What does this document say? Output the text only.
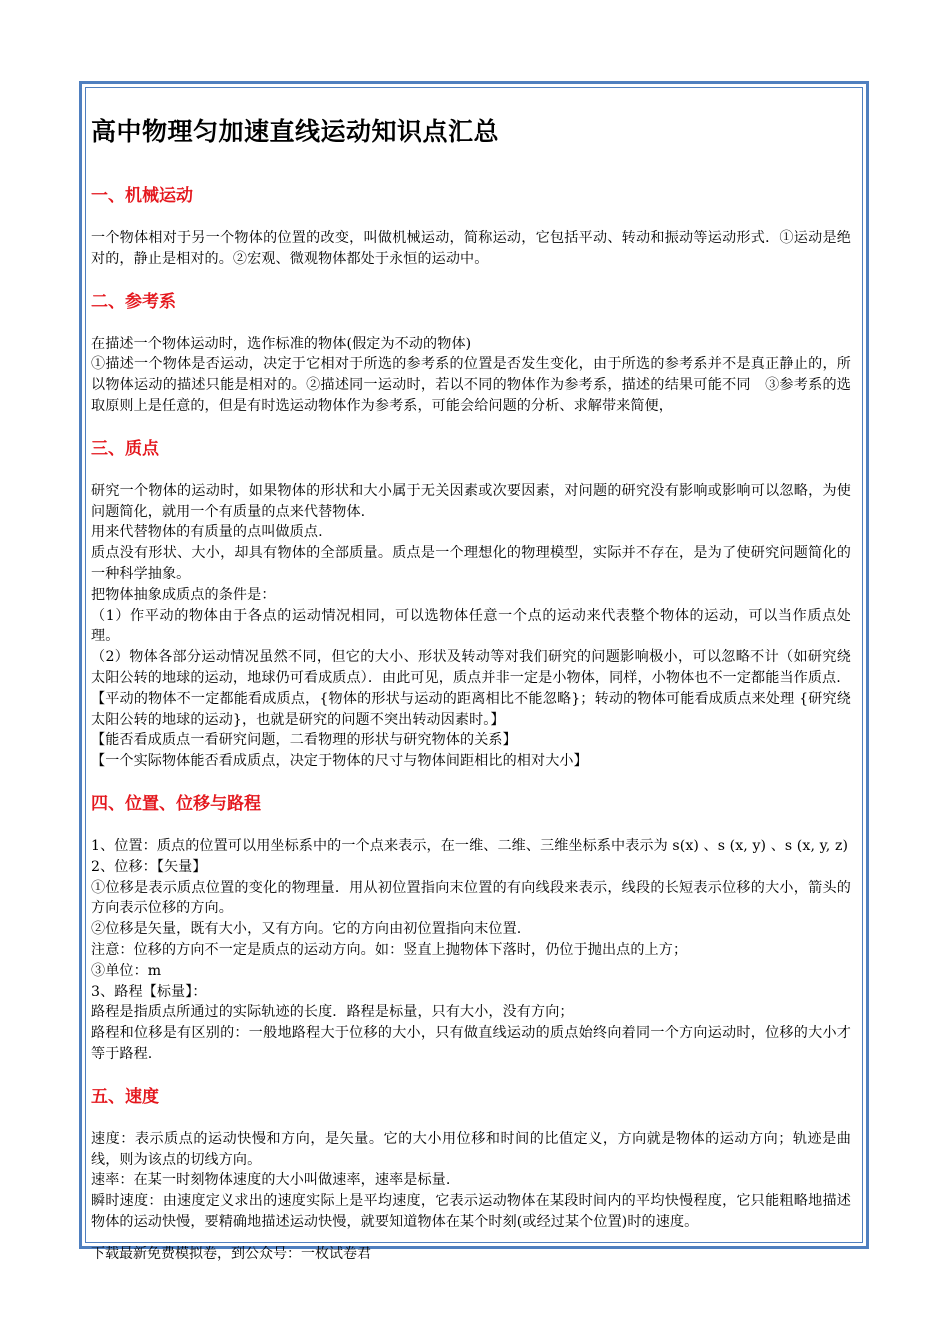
高中物理匀加速直线运动知识点汇总
一、机械运动

一个物体相对于另一个物体的位置的改变，叫做机械运动，简称运动，它包括平动、转动和振动等运动形式．①运动是绝对的，静止是相对的。②宏观、微观物体都处于永恒的运动中。

二、参考系

在描述一个物体运动时，选作标准的物体(假定为不动的物体)

①描述一个物体是否运动，决定于它相对于所选的参考系的位置是否发生变化，由于所选的参考系并不是真正静止的，所以物体运动的描述只能是相对的。②描述同一运动时，若以不同的物体作为参考系，描述的结果可能不同　③参考系的选取原则上是任意的，但是有时选运动物体作为参考系，可能会给问题的分析、求解带来简便，

三、质点

研究一个物体的运动时，如果物体的形状和大小属于无关因素或次要因素，对问题的研究没有影响或影响可以忽略，为使问题简化，就用一个有质量的点来代替物体.

用来代替物体的有质量的点叫做质点.

质点没有形状、大小，却具有物体的全部质量。质点是一个理想化的物理模型，实际并不存在，是为了使研究问题简化的一种科学抽象。

把物体抽象成质点的条件是：

（1）作平动的物体由于各点的运动情况相同，可以选物体任意一个点的运动来代表整个物体的运动，可以当作质点处理。

（2）物体各部分运动情况虽然不同，但它的大小、形状及转动等对我们研究的问题影响极小，可以忽略不计（如研究绕太阳公转的地球的运动，地球仍可看成质点）．由此可见，质点并非一定是小物体，同样，小物体也不一定都能当作质点.

【平动的物体不一定都能看成质点，{物体的形状与运动的距离相比不能忽略}；转动的物体可能看成质点来处理 {研究绕太阳公转的地球的运动}，也就是研究的问题不突出转动因素时。】

【能否看成质点一看研究问题，二看物理的形状与研究物体的关系】

【一个实际物体能否看成质点，决定于物体的尺寸与物体间距相比的相对大小】

四、位置、位移与路程

1、位置：质点的位置可以用坐标系中的一个点来表示，在一维、二维、三维坐标系中表示为 s(x) 、s (x, y) 、s (x, y, z)

2、位移：【矢量】

①位移是表示质点位置的变化的物理量．用从初位置指向末位置的有向线段来表示，线段的长短表示位移的大小，箭头的方向表示位移的方向。

②位移是矢量，既有大小，又有方向。它的方向由初位置指向末位置.

注意：位移的方向不一定是质点的运动方向。如：竖直上抛物体下落时，仍位于抛出点的上方；

③单位：m

3、路程【标量】：

路程是指质点所通过的实际轨迹的长度．路程是标量，只有大小，没有方向；

路程和位移是有区别的：一般地路程大于位移的大小，只有做直线运动的质点始终向着同一个方向运动时，位移的大小才等于路程.

五、速度

速度：表示质点的运动快慢和方向，是矢量。它的大小用位移和时间的比值定义，方向就是物体的运动方向；轨迹是曲线，则为该点的切线方向。

速率：在某一时刻物体速度的大小叫做速率，速率是标量.

瞬时速度：由速度定义求出的速度实际上是平均速度，它表示运动物体在某段时间内的平均快慢程度，它只能粗略地描述物体的运动快慢，要精确地描述运动快慢，就要知道物体在某个时刻(或经过某个位置)时的速度。

下载最新免费模拟卷，到公众号：一枚试卷君
